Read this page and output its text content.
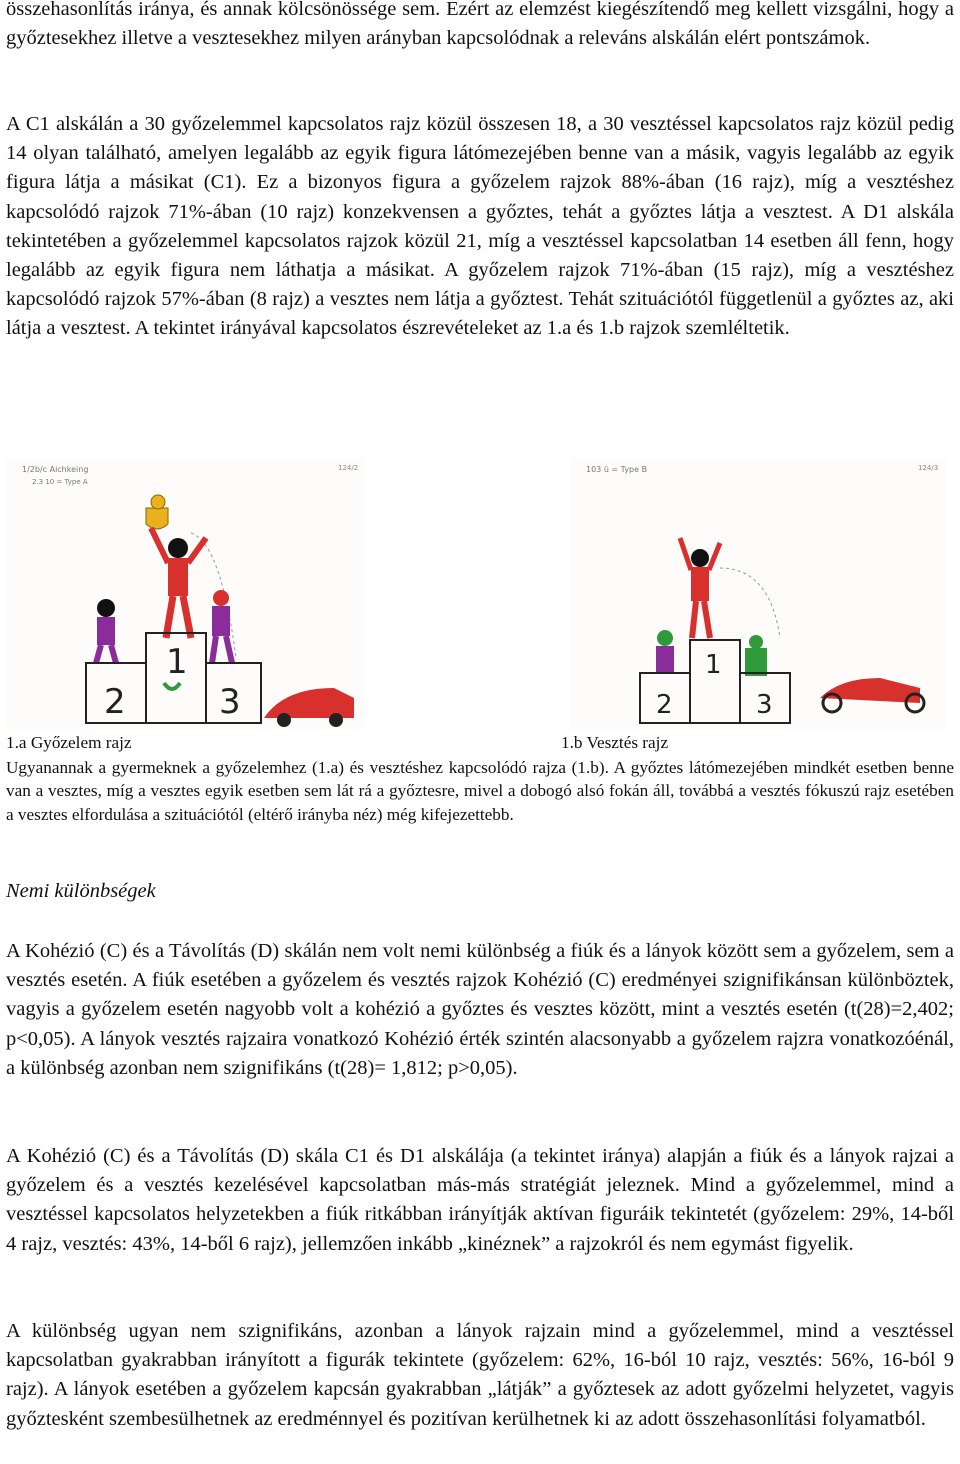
összehasonlítás iránya, és annak kölcsönössége sem. Ezért az elemzést kiegészítendő meg kellett vizsgálni, hogy a győztesekhez illetve a vesztesekhez milyen arányban kapcsolódnak a releváns alskálán elért pontszámok.

A C1 alskálán a 30 győzelemmel kapcsolatos rajz közül összesen 18, a 30 vesztéssel kapcsolatos rajz közül pedig 14 olyan található, amelyen legalább az egyik figura látómezejében benne van a másik, vagyis legalább az egyik figura látja a másikat (C1). Ez a bizonyos figura a győzelem rajzok 88%-ában (16 rajz), míg a vesztéshez kapcsolódó rajzok 71%-ában (10 rajz) konzekvensen a győztes, tehát a győztes látja a vesztest. A D1 alskála tekintetében a győzelemmel kapcsolatos rajzok közül 21, míg a vesztéssel kapcsolatban 14 esetben áll fenn, hogy legalább az egyik figura nem láthatja a másikat. A győzelem rajzok 71%-ában (15 rajz), míg a vesztéshez kapcsolódó rajzok 57%-ában (8 rajz) a vesztes nem látja a győztest. Tehát szituációtól függetlenül a győztes az, aki látja a vesztest. A tekintet irányával kapcsolatos észrevételeket az 1.a és 1.b rajzok szemléltetik.

1/2b/c Aichkeing
2.3 10 = Type A
124/2
1
2	3
103 ü = Type B	124/3
1
2	3

1.a Győzelem rajz	1.b Vesztés rajz

Ugyanannak a gyermeknek a győzelemhez (1.a) és vesztéshez kapcsolódó rajza (1.b). A győztes látómezejében mindkét esetben benne van a vesztes, míg a vesztes egyik esetben sem lát rá a győztesre, mivel a dobogó alsó fokán áll, továbbá a vesztés fókuszú rajz esetében a vesztes elfordulása a szituációtól (eltérő irányba néz) még kifejezettebb.

Nemi különbségek

A Kohézió (C) és a Távolítás (D) skálán nem volt nemi különbség a fiúk és a lányok között sem a győzelem, sem a vesztés esetén. A fiúk esetében a győzelem és vesztés rajzok Kohézió (C) eredményei szignifikánsan különböztek, vagyis a győzelem esetén nagyobb volt a kohézió a győztes és vesztes között, mint a vesztés esetén (t(28)=2,402; p<0,05). A lányok vesztés rajzaira vonatkozó Kohézió érték szintén alacsonyabb a győzelem rajzra vonatkozóénál, a különbség azonban nem szignifikáns (t(28)= 1,812; p>0,05).

A Kohézió (C) és a Távolítás (D) skála C1 és D1 alskálája (a tekintet iránya) alapján a fiúk és a lányok rajzai a győzelem és a vesztés kezelésével kapcsolatban más-más stratégiát jeleznek. Mind a győzelemmel, mind a vesztéssel kapcsolatos helyzetekben a fiúk ritkábban irányítják aktívan figuráik tekintetét (győzelem: 29%, 14-ből 4 rajz, vesztés: 43%, 14-ből 6 rajz), jellemzően inkább „kinéznek” a rajzokról és nem egymást figyelik.

A különbség ugyan nem szignifikáns, azonban a lányok rajzain mind a győzelemmel, mind a vesztéssel kapcsolatban gyakrabban irányított a figurák tekintete (győzelem: 62%, 16-ból 10 rajz, vesztés: 56%, 16-ból 9 rajz). A lányok esetében a győzelem kapcsán gyakrabban „látják” a győztesek az adott győzelmi helyzetet, vagyis győztesként szembesülhetnek az eredménnyel és pozitívan kerülhetnek ki az adott összehasonlítási folyamatból.
